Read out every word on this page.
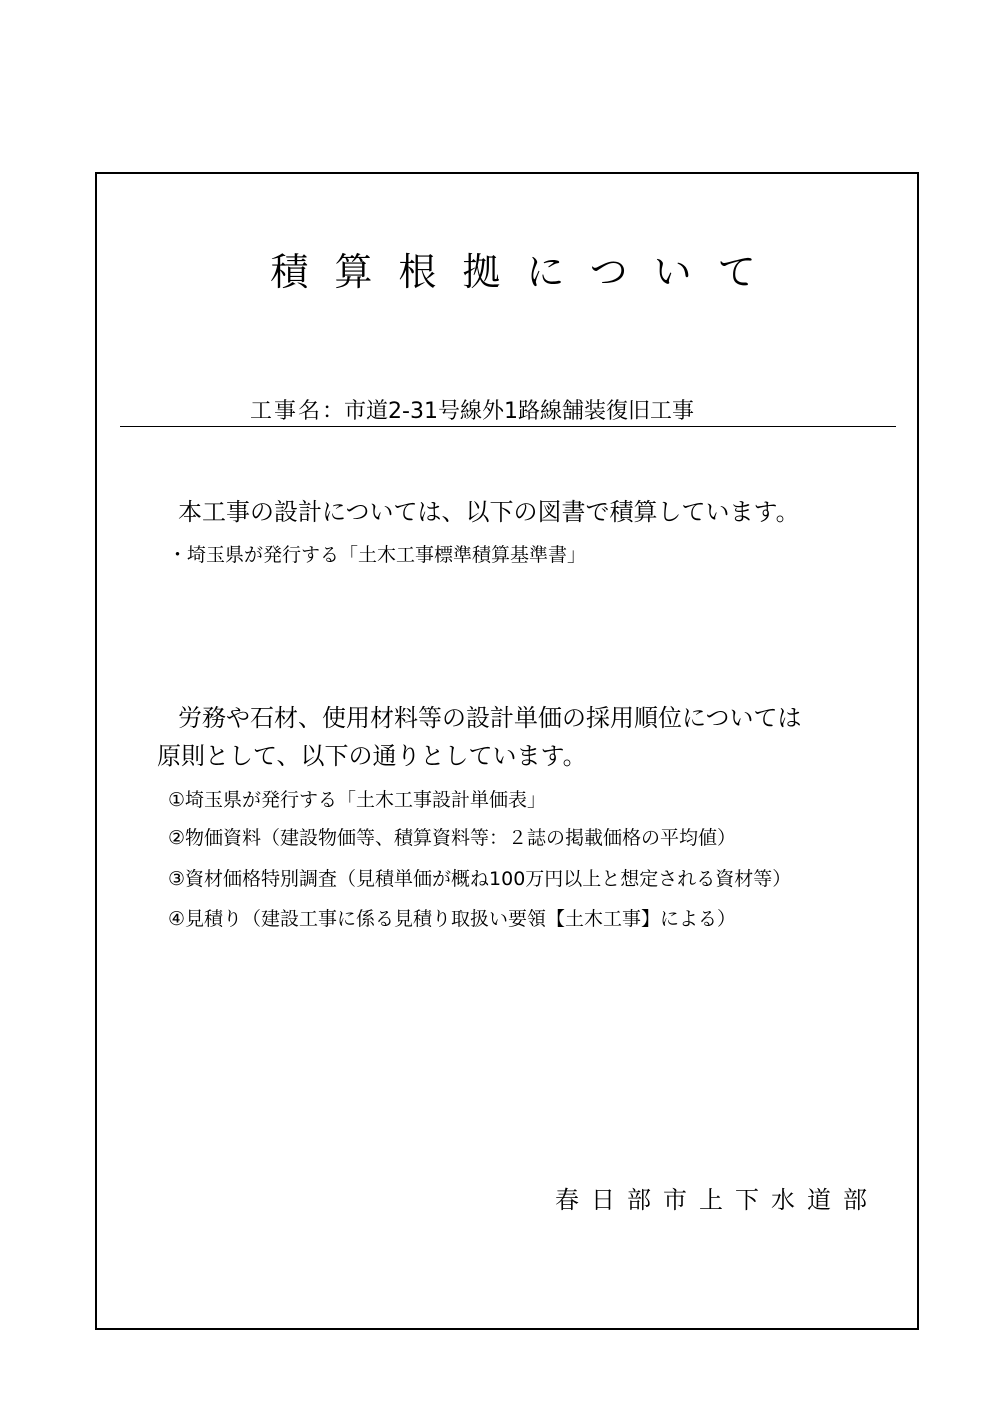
積算根拠について
工事名：市道2-31号線外1路線舗装復旧工事
本工事の設計については、以下の図書で積算しています。
・埼玉県が発行する「土木工事標準積算基準書」
労務や石材、使用材料等の設計単価の採用順位については
原則として、以下の通りとしています。
①埼玉県が発行する「土木工事設計単価表」
②物価資料（建設物価等、積算資料等：２誌の掲載価格の平均値）
③資材価格特別調査（見積単価が概ね100万円以上と想定される資材等）
④見積り（建設工事に係る見積り取扱い要領【土木工事】による）
春日部市上下水道部
